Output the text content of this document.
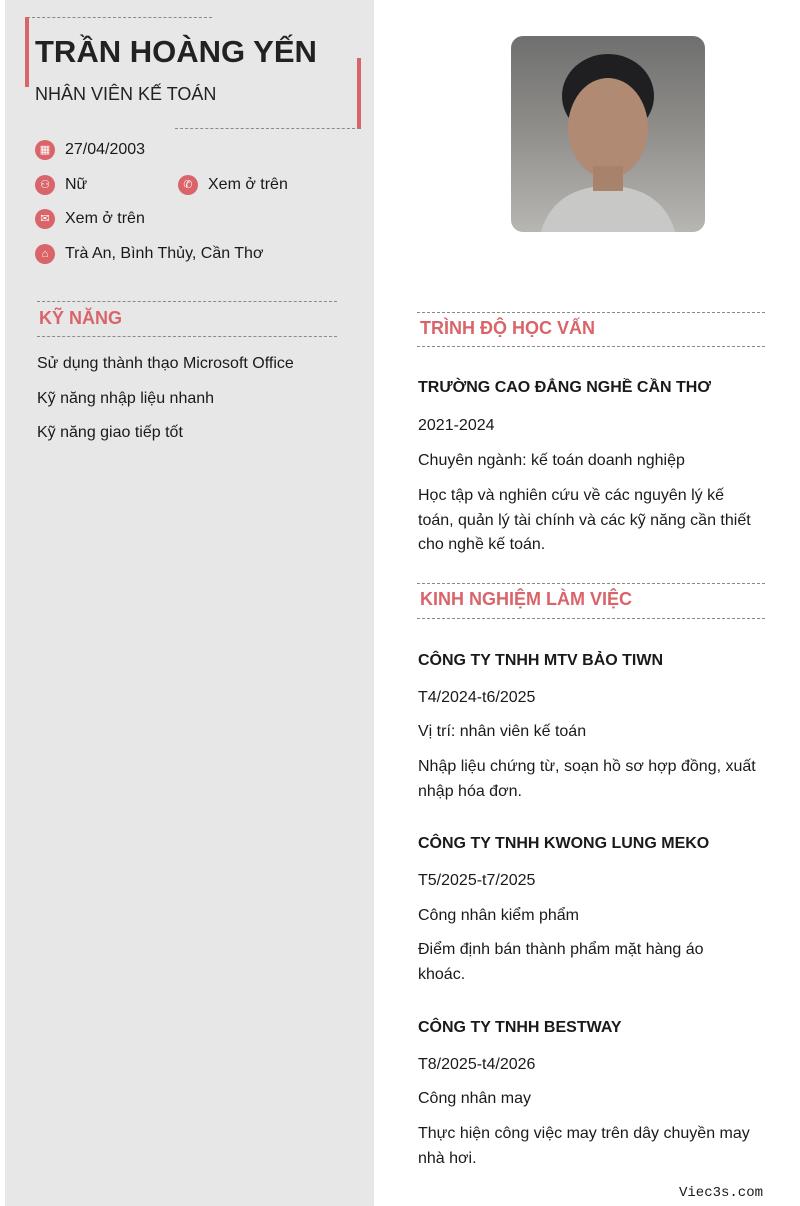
TRẦN HOÀNG YẾN
NHÂN VIÊN KẾ TOÁN
▦ 27/04/2003
⚇ Nữ	✆ Xem ở trên
✉ Xem ở trên
⌂	Trà An, Bình Thủy, Cần Thơ
KỸ NĂNG
Sử dụng thành thạo Microsoft Office
Kỹ năng nhập liệu nhanh
Kỹ năng giao tiếp tốt
TRÌNH ĐỘ HỌC VẤN
TRƯỜNG CAO ĐẲNG NGHỀ CẦN THƠ
2021-2024
Chuyên ngành: kế toán doanh nghiệp
Học tập và nghiên cứu về các nguyên lý kế toán, quản lý tài chính và các kỹ năng cần thiết cho nghề kế toán.
KINH NGHIỆM LÀM VIỆC
CÔNG TY TNHH MTV BẢO TIWN
T4/2024-t6/2025
Vị trí: nhân viên kế toán
Nhập liệu chứng từ, soạn hồ sơ hợp đồng, xuất nhập hóa đơn.
CÔNG TY TNHH KWONG LUNG MEKO
T5/2025-t7/2025
Công nhân kiểm phẩm
Điểm định bán thành phẩm mặt hàng áo khoác.
CÔNG TY TNHH BESTWAY
T8/2025-t4/2026
Công nhân may
Thực hiện công việc may trên dây chuyền may nhà hơi.
Viec3s.com
